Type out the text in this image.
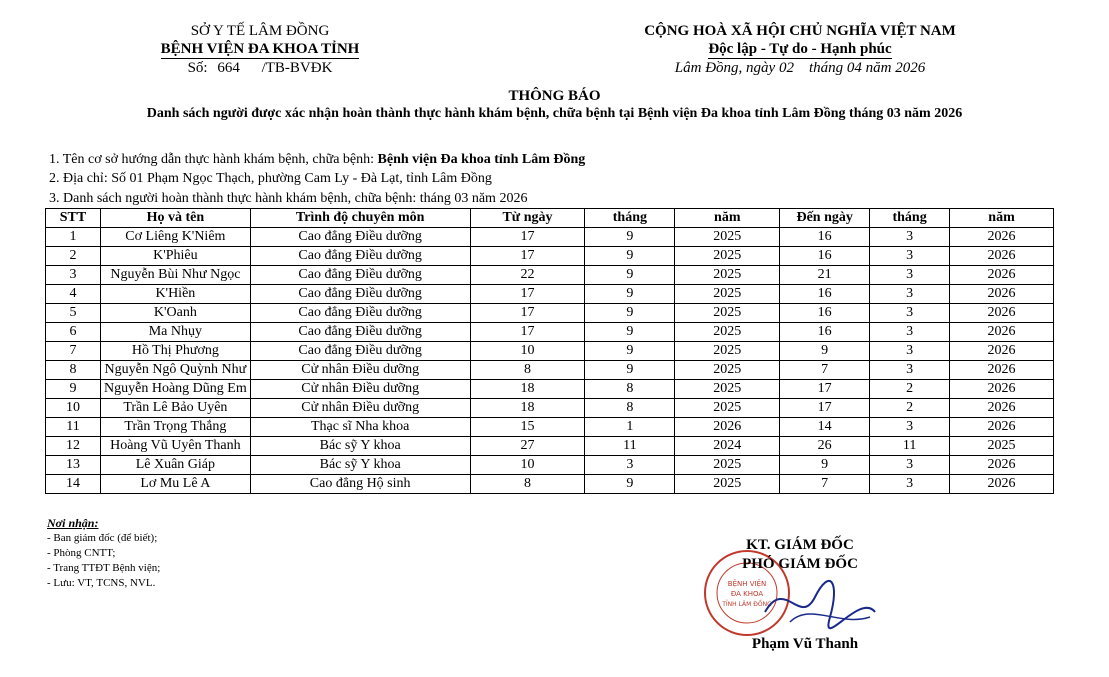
SỞ Y TẾ LÂM ĐỒNG
BỆNH VIỆN ĐA KHOA TỈNH
Số: 664 /TB-BVĐK
CỘNG HOÀ XÃ HỘI CHỦ NGHĨA VIỆT NAM
Độc lập - Tự do - Hạnh phúc
Lâm Đồng, ngày 02    tháng 04 năm 2026
THÔNG BÁO
Danh sách người được xác nhận hoàn thành thực hành khám bệnh, chữa bệnh tại Bệnh viện Đa khoa tỉnh Lâm Đồng tháng 03 năm 2026
1. Tên cơ sở hướng dẫn thực hành khám bệnh, chữa bệnh: Bệnh viện Đa khoa tỉnh Lâm Đồng
2. Địa chỉ: Số 01 Phạm Ngọc Thạch, phường Cam Ly - Đà Lạt, tỉnh Lâm Đồng
3. Danh sách người hoàn thành thực hành khám bệnh, chữa bệnh: tháng 03 năm 2026
STT	Họ và tên	Trình độ chuyên môn	Từ ngày	tháng	năm	Đến ngày	tháng	năm
1	Cơ Liêng K'Niêm	Cao đẳng Điều dưỡng	17	9	2025	16	3	2026
2	K'Phiêu	Cao đẳng Điều dưỡng	17	9	2025	16	3	2026
3	Nguyễn Bùi Như Ngọc	Cao đẳng Điều dưỡng	22	9	2025	21	3	2026
4	K'Hiền	Cao đẳng Điều dưỡng	17	9	2025	16	3	2026
5	K'Oanh	Cao đẳng Điều dưỡng	17	9	2025	16	3	2026
6	Ma Nhụy	Cao đẳng Điều dưỡng	17	9	2025	16	3	2026
7	Hồ Thị Phương	Cao đẳng Điều dưỡng	10	9	2025	9	3	2026
8	Nguyễn Ngô Quỳnh Như	Cử nhân Điều dưỡng	8	9	2025	7	3	2026
9	Nguyễn Hoàng Dũng Em	Cử nhân Điều dưỡng	18	8	2025	17	2	2026
10	Trần Lê Bảo Uyên	Cử nhân Điều dưỡng	18	8	2025	17	2	2026
11	Trần Trọng Thắng	Thạc sĩ Nha khoa	15	1	2026	14	3	2026
12	Hoàng Vũ Uyên Thanh	Bác sỹ Y khoa	27	11	2024	26	11	2025
13	Lê Xuân Giáp	Bác sỹ Y khoa	10	3	2025	9	3	2026
14	Lơ Mu Lê A	Cao đẳng Hộ sinh	8	9	2025	7	3	2026
Nơi nhận:
- Ban giám đốc (để biết);
- Phòng CNTT;
- Trang TTĐT Bệnh viện;
- Lưu: VT, TCNS, NVL.	BỆNH VIỆN
ĐA KHOA
TỈNH LÂM ĐỒNG
KT. GIÁM ĐỐC
PHÓ GIÁM ĐỐC
Phạm Vũ Thanh
